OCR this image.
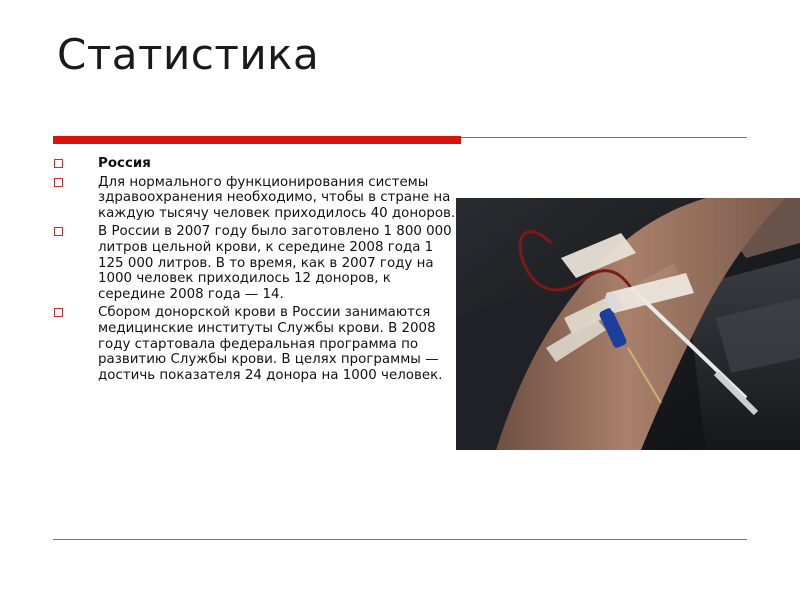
Статистика
Россия
Для нормального функционирования системы здравоохранения необходимо, чтобы в стране на каждую тысячу человек приходилось 40 доноров.
В России в 2007 году было заготовлено 1 800 000 литров цельной крови, к середине 2008 года 1 125 000 литров. В то время, как в 2007 году на 1000 человек приходилось 12 доноров, к середине 2008 года — 14.
Сбором донорской крови в России занимаются медицинские институты Службы крови. В 2008 году стартовала федеральная программа по развитию Службы крови. В целях программы — достичь показателя 24 донора на 1000 человек.
